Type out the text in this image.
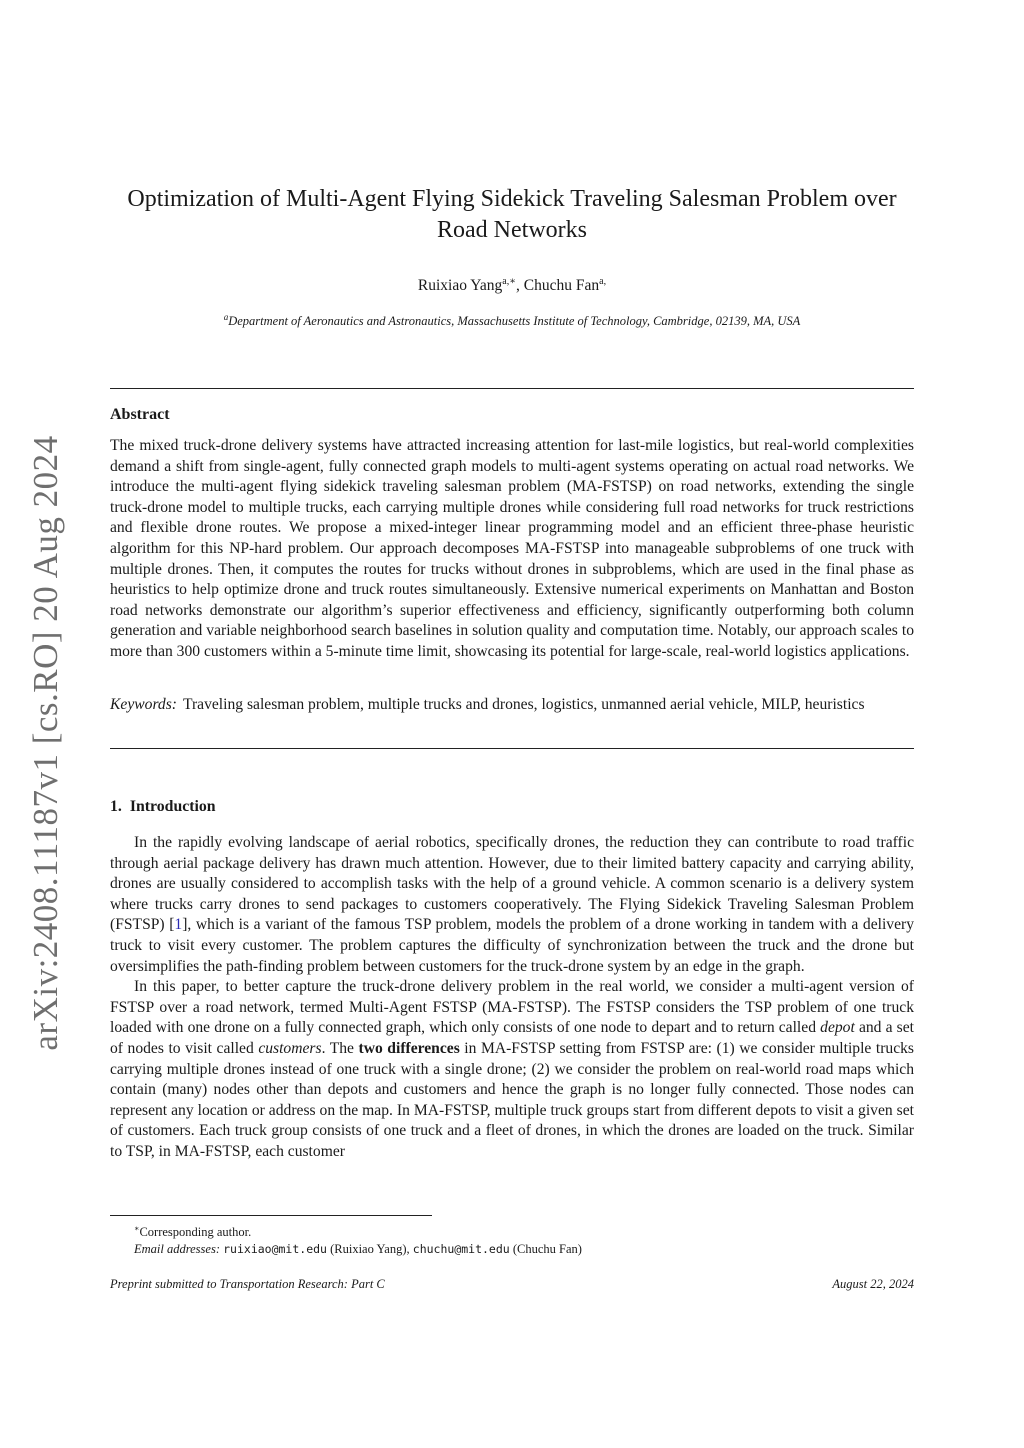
arXiv:2408.11187v1 [cs.RO] 20 Aug 2024
Optimization of Multi-Agent Flying Sidekick Traveling Salesman Problem over Road Networks
Ruixiao Yang$^{a,∗}$, Chuchu Fan$^{a,}$
$^a$Department of Aeronautics and Astronautics, Massachusetts Institute of Technology, Cambridge, 02139, MA, USA
Abstract
The mixed truck-drone delivery systems have attracted increasing attention for last-mile logistics, but real-world complexities demand a shift from single-agent, fully connected graph models to multi-agent systems operating on actual road networks. We introduce the multi-agent flying sidekick traveling salesman problem (MA-FSTSP) on road networks, extending the single truck-drone model to multiple trucks, each carrying multiple drones while considering full road networks for truck restrictions and flexible drone routes. We propose a mixed-integer linear programming model and an efficient three-phase heuristic algorithm for this NP-hard problem. Our approach decomposes MA-FSTSP into manageable subproblems of one truck with multiple drones. Then, it computes the routes for trucks without drones in subproblems, which are used in the final phase as heuristics to help optimize drone and truck routes simultaneously. Extensive numerical experiments on Manhattan and Boston road networks demonstrate our algorithm’s superior effectiveness and efficiency, significantly outperforming both column generation and variable neighborhood search baselines in solution quality and computation time. Notably, our approach scales to more than 300 customers within a 5-minute time limit, showcasing its potential for large-scale, real-world logistics applications.
Keywords: Traveling salesman problem, multiple trucks and drones, logistics, unmanned aerial vehicle, MILP, heuristics
1. Introduction

In the rapidly evolving landscape of aerial robotics, specifically drones, the reduction they can contribute to road traffic through aerial package delivery has drawn much attention. However, due to their limited battery capacity and carrying ability, drones are usually considered to accomplish tasks with the help of a ground vehicle. A common scenario is a delivery system where trucks carry drones to send packages to customers cooperatively. The Flying Sidekick Traveling Salesman Problem (FSTSP) [1], which is a variant of the famous TSP problem, models the problem of a drone working in tandem with a delivery truck to visit every customer. The problem captures the difficulty of synchronization between the truck and the drone but oversimplifies the path-finding problem between customers for the truck-drone system by an edge in the graph.

In this paper, to better capture the truck-drone delivery problem in the real world, we consider a multi-agent version of FSTSP over a road network, termed Multi-Agent FSTSP (MA-FSTSP). The FSTSP considers the TSP problem of one truck loaded with one drone on a fully connected graph, which only consists of one node to depart and to return called depot and a set of nodes to visit called customers. The two differences in MA-FSTSP setting from FSTSP are: (1) we consider multiple trucks carrying multiple drones instead of one truck with a single drone; (2) we consider the problem on real-world road maps which contain (many) nodes other than depots and customers and hence the graph is no longer fully connected. Those nodes can represent any location or address on the map. In MA-FSTSP, multiple truck groups start from different depots to visit a given set of customers. Each truck group consists of one truck and a fleet of drones, in which the drones are loaded on the truck. Similar to TSP, in MA-FSTSP, each customer

∗Corresponding author.
Email addresses: ruixiao@mit.edu (Ruixiao Yang), chuchu@mit.edu (Chuchu Fan)
Preprint submitted to Transportation Research: Part C	August 22, 2024
